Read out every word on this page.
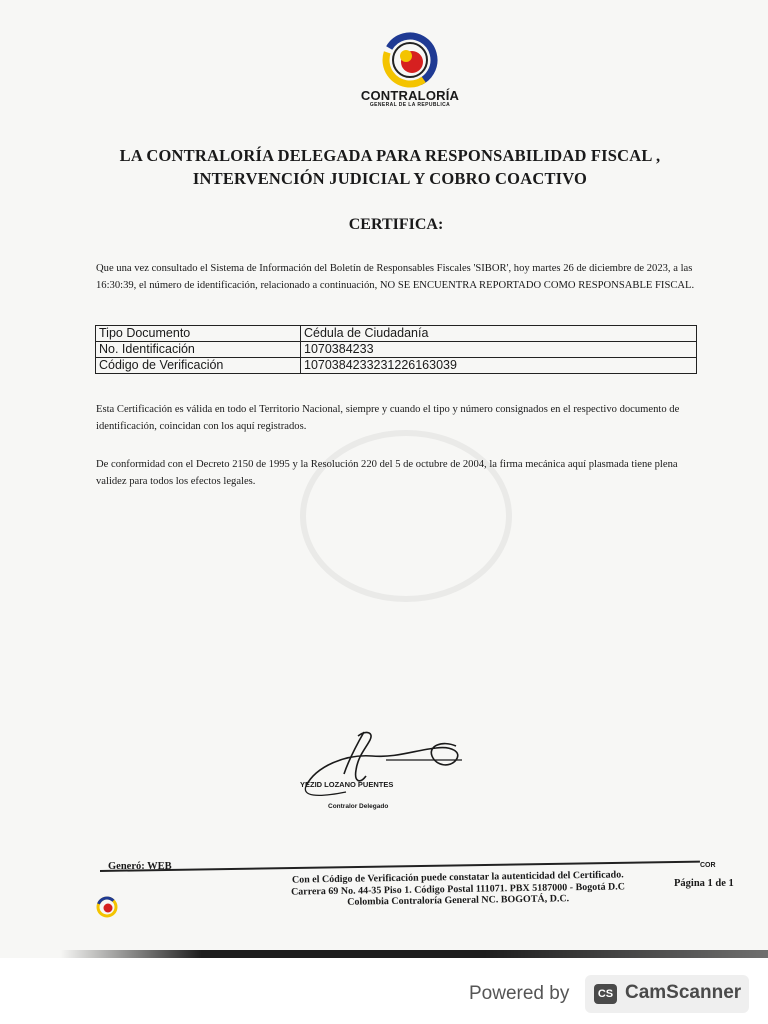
CONTRALORÍA
GENERAL DE LA REPUBLICA
LA CONTRALORÍA DELEGADA PARA RESPONSABILIDAD FISCAL ,
INTERVENCIÓN JUDICIAL Y COBRO COACTIVO
CERTIFICA:
Que una vez consultado el Sistema de Información del Boletín de Responsables Fiscales 'SIBOR', hoy martes 26 de diciembre de 2023, a las 16:30:39, el número de identificación, relacionado a continuación, NO SE ENCUENTRA REPORTADO COMO RESPONSABLE FISCAL.
Tipo Documento	Cédula de Ciudadanía
No. Identificación	1070384233
Código de Verificación	107038423323122616303​9
Esta Certificación es válida en todo el Territorio Nacional, siempre y cuando el tipo y número consignados en el respectivo documento de identificación, coincidan con los aquí registrados.
De conformidad con el Decreto 2150 de 1995 y la Resolución 220 del 5 de octubre de 2004, la firma mecánica aquí plasmada tiene plena validez para todos los efectos legales.
YEZID LOZANO PUENTES
Contralor Delegado
Generó: WEB	COR
Con el Código de Verificación puede constatar la autenticidad del Certificado.
Carrera 69 No. 44-35 Piso 1. Código Postal 111071. PBX 5187000 - Bogotá D.C
Colombia Contraloría General NC. BOGOTÁ, D.C.
Página 1 de 1
Powered by	CS CamScanner
